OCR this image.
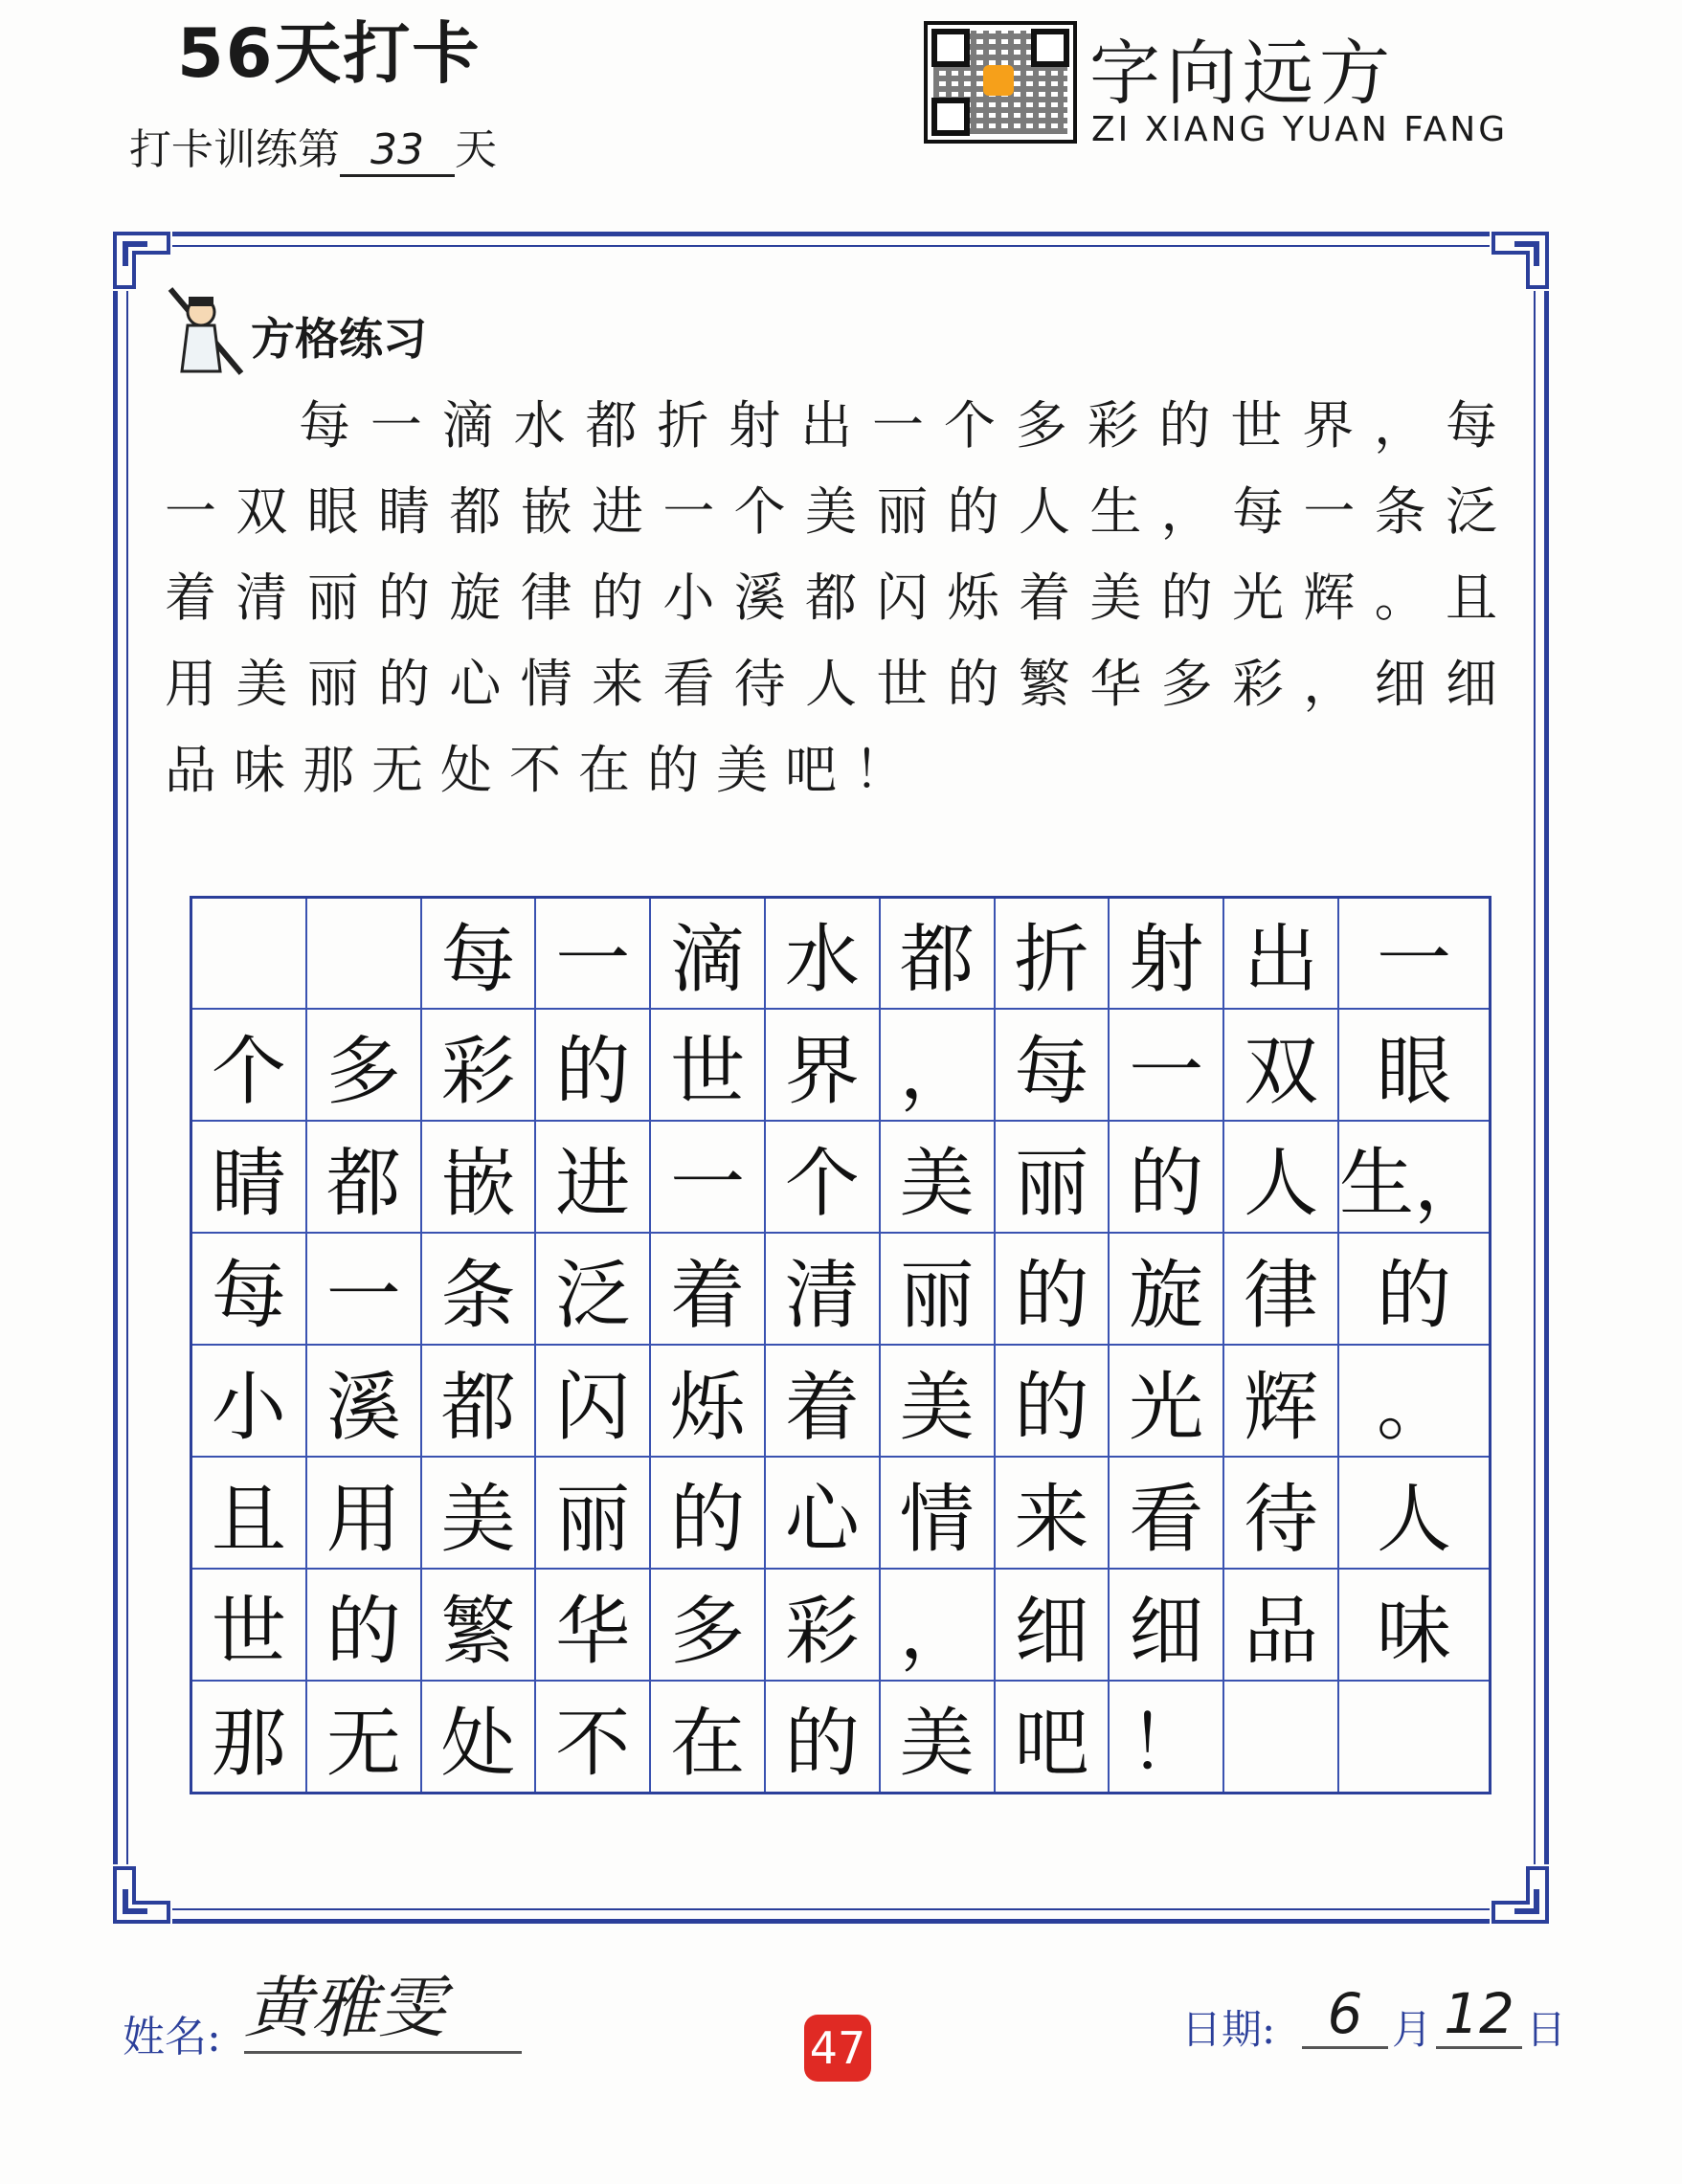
56天打卡
打卡训练第 33 天
字向远方
ZI XIANG YUAN FANG
方格练习
每一滴水都折射出一个多彩的世界，每一双眼睛都嵌进一个美丽的人生，每一条泛着清丽的旋律的小溪都闪烁着美的光辉。且用美丽的心情来看待人世的繁华多彩，细细品味那无处不在的美吧！
		每	一	滴	水	都	折	射	出	一
个	多	彩	的	世	界	，	每	一	双	眼
睛	都	嵌	进	一	个	美	丽	的	人	生，
每	一	条	泛	着	清	丽	的	旋	律	的
小	溪	都	闪	烁	着	美	的	光	辉	。
且	用	美	丽	的	心	情	来	看	待	人
世	的	繁	华	多	彩	，	细	细	品	味
那	无	处	不	在	的	美	吧	！		
姓名: 黄雅雯
47	日期: 6 月 12 日
